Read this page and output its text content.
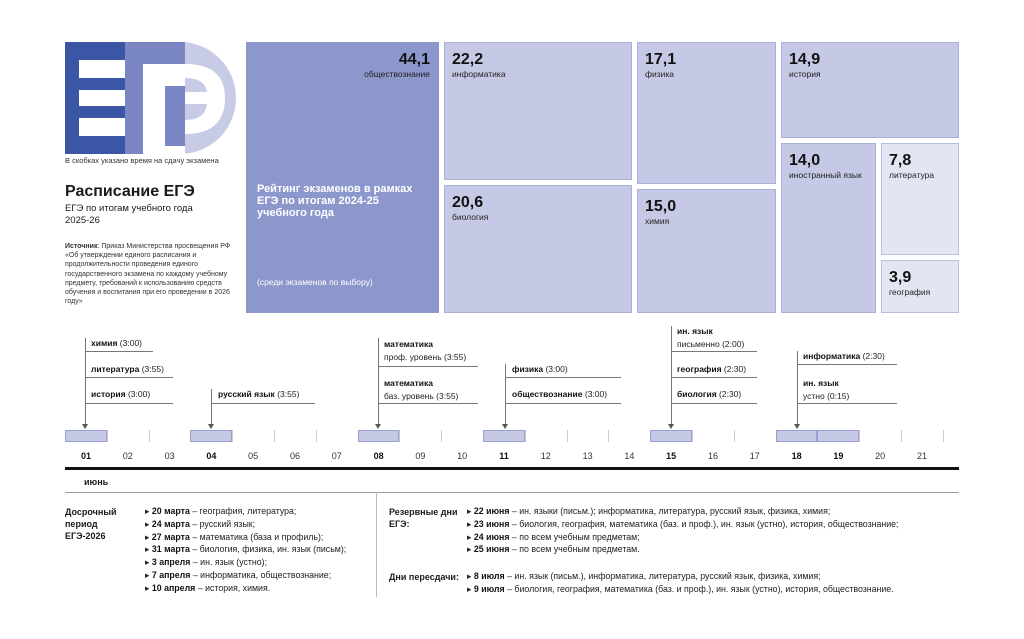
В скобках указано время на сдачу экзамена
Расписание ЕГЭ
ЕГЭ по итогам учебного года 2025-26
Источник: Приказ Министерства просвещения РФ «Об утверждении единого расписания и продолжительности проведения единого государственного экзамена по каждому учебному предмету, требований к использованию средств обучения и воспитания при его проведении в 2026 году»
44,1
обществознание
Рейтинг экзаменов в рамках ЕГЭ по итогам 2024-25 учебного года
(среди экзаменов по выбору)
22,2
информатика
17,1
физика
14,9
история
20,6
биология
15,0
химия
14,0
иностранный язык
7,8
литература
3,9
география
химия (3:00)
литература (3:55)
история (3:00)	русский язык (3:55)
математика
проф. уровень (3:55)
математика
баз. уровень (3:55)
физика (3:00)
обществознание (3:00)
ин. язык
письменно (2:00)
география (2:30)
биология (2:30)
информатика (2:30)
ин. язык
устно (0:15)
01	02	03	04	05	06	07	08	09	10	11	12	13	14	15	16	17	18	19	20	21
июнь
Досрочный период ЕГЭ-2026
▸ 20 марта – география, литература;
▸ 24 марта – русский язык;
▸ 27 марта – математика (база и профиль);
▸ 31 марта – биология, физика, ин. язык (письм);
▸ 3 апреля – ин. язык (устно);
▸ 7 апреля – информатика, обществознание;
▸ 10 апреля – история, химия.
Резервные дни ЕГЭ:
▸ 22 июня – ин. языки (письм.); информатика, литература, русский язык, физика, химия;
▸ 23 июня – биология, география, математика (баз. и проф.), ин. язык (устно), история, обществознание;
▸ 24 июня – по всем учебным предметам;
▸ 25 июня – по всем учебным предметам.
Дни пересдачи: ▸ 8 июля – ин. язык (письм.), информатика, литература, русский язык, физика, химия;
▸ 9 июля – биология, география, математика (баз. и проф.), ин. язык (устно), история, обществознание.
